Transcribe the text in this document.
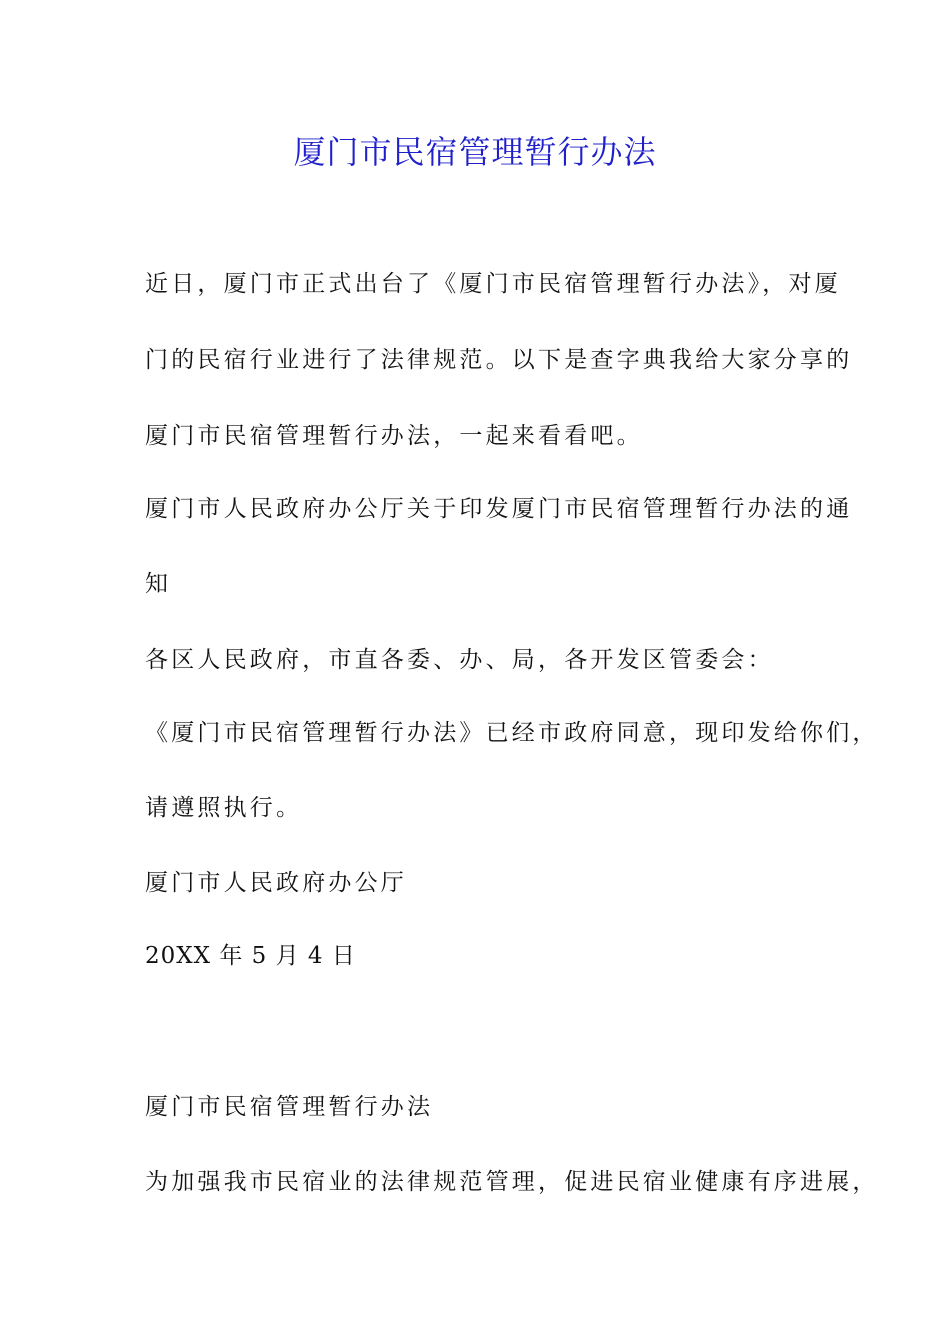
厦门市民宿管理暂行办法
近日，厦门市正式出台了《厦门市民宿管理暂行办法》，对厦
门的民宿行业进行了法律规范。以下是查字典我给大家分享的
厦门市民宿管理暂行办法，一起来看看吧。
厦门市人民政府办公厅关于印发厦门市民宿管理暂行办法的通
知
各区人民政府，市直各委、办、局，各开发区管委会：
《厦门市民宿管理暂行办法》已经市政府同意，现印发给你们，
请遵照执行。
厦门市人民政府办公厅
20XX 年 5 月 4 日
厦门市民宿管理暂行办法
为加强我市民宿业的法律规范管理，促进民宿业健康有序进展，
